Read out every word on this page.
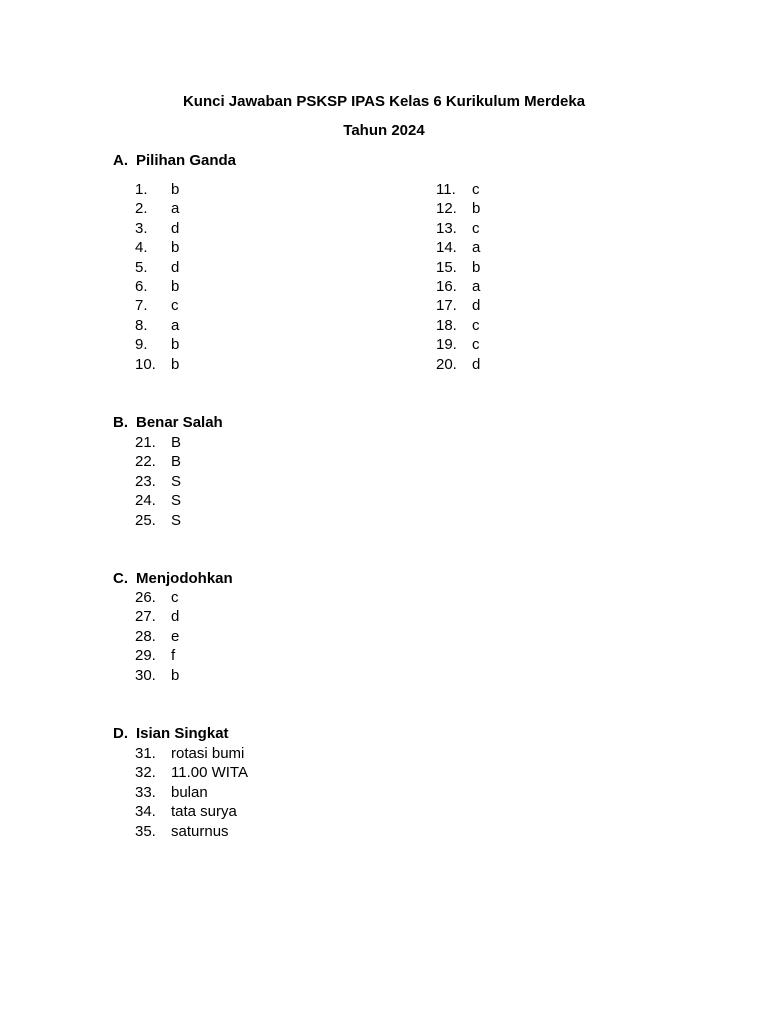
Kunci Jawaban PSKSP IPAS Kelas 6 Kurikulum Merdeka
Tahun 2024
A. Pilihan Ganda
1. b
2. a
3. d
4. b
5. d
6. b
7. c
8. a
9. b
10. b
11. c
12. b
13. c
14. a
15. b
16. a
17. d
18. c
19. c
20. d
B. Benar Salah
21. B
22. B
23. S
24. S
25. S
C. Menjodohkan
26. c
27. d
28. e
29. f
30. b
D. Isian Singkat
31. rotasi bumi
32. 11.00 WITA
33. bulan
34. tata surya
35. saturnus
